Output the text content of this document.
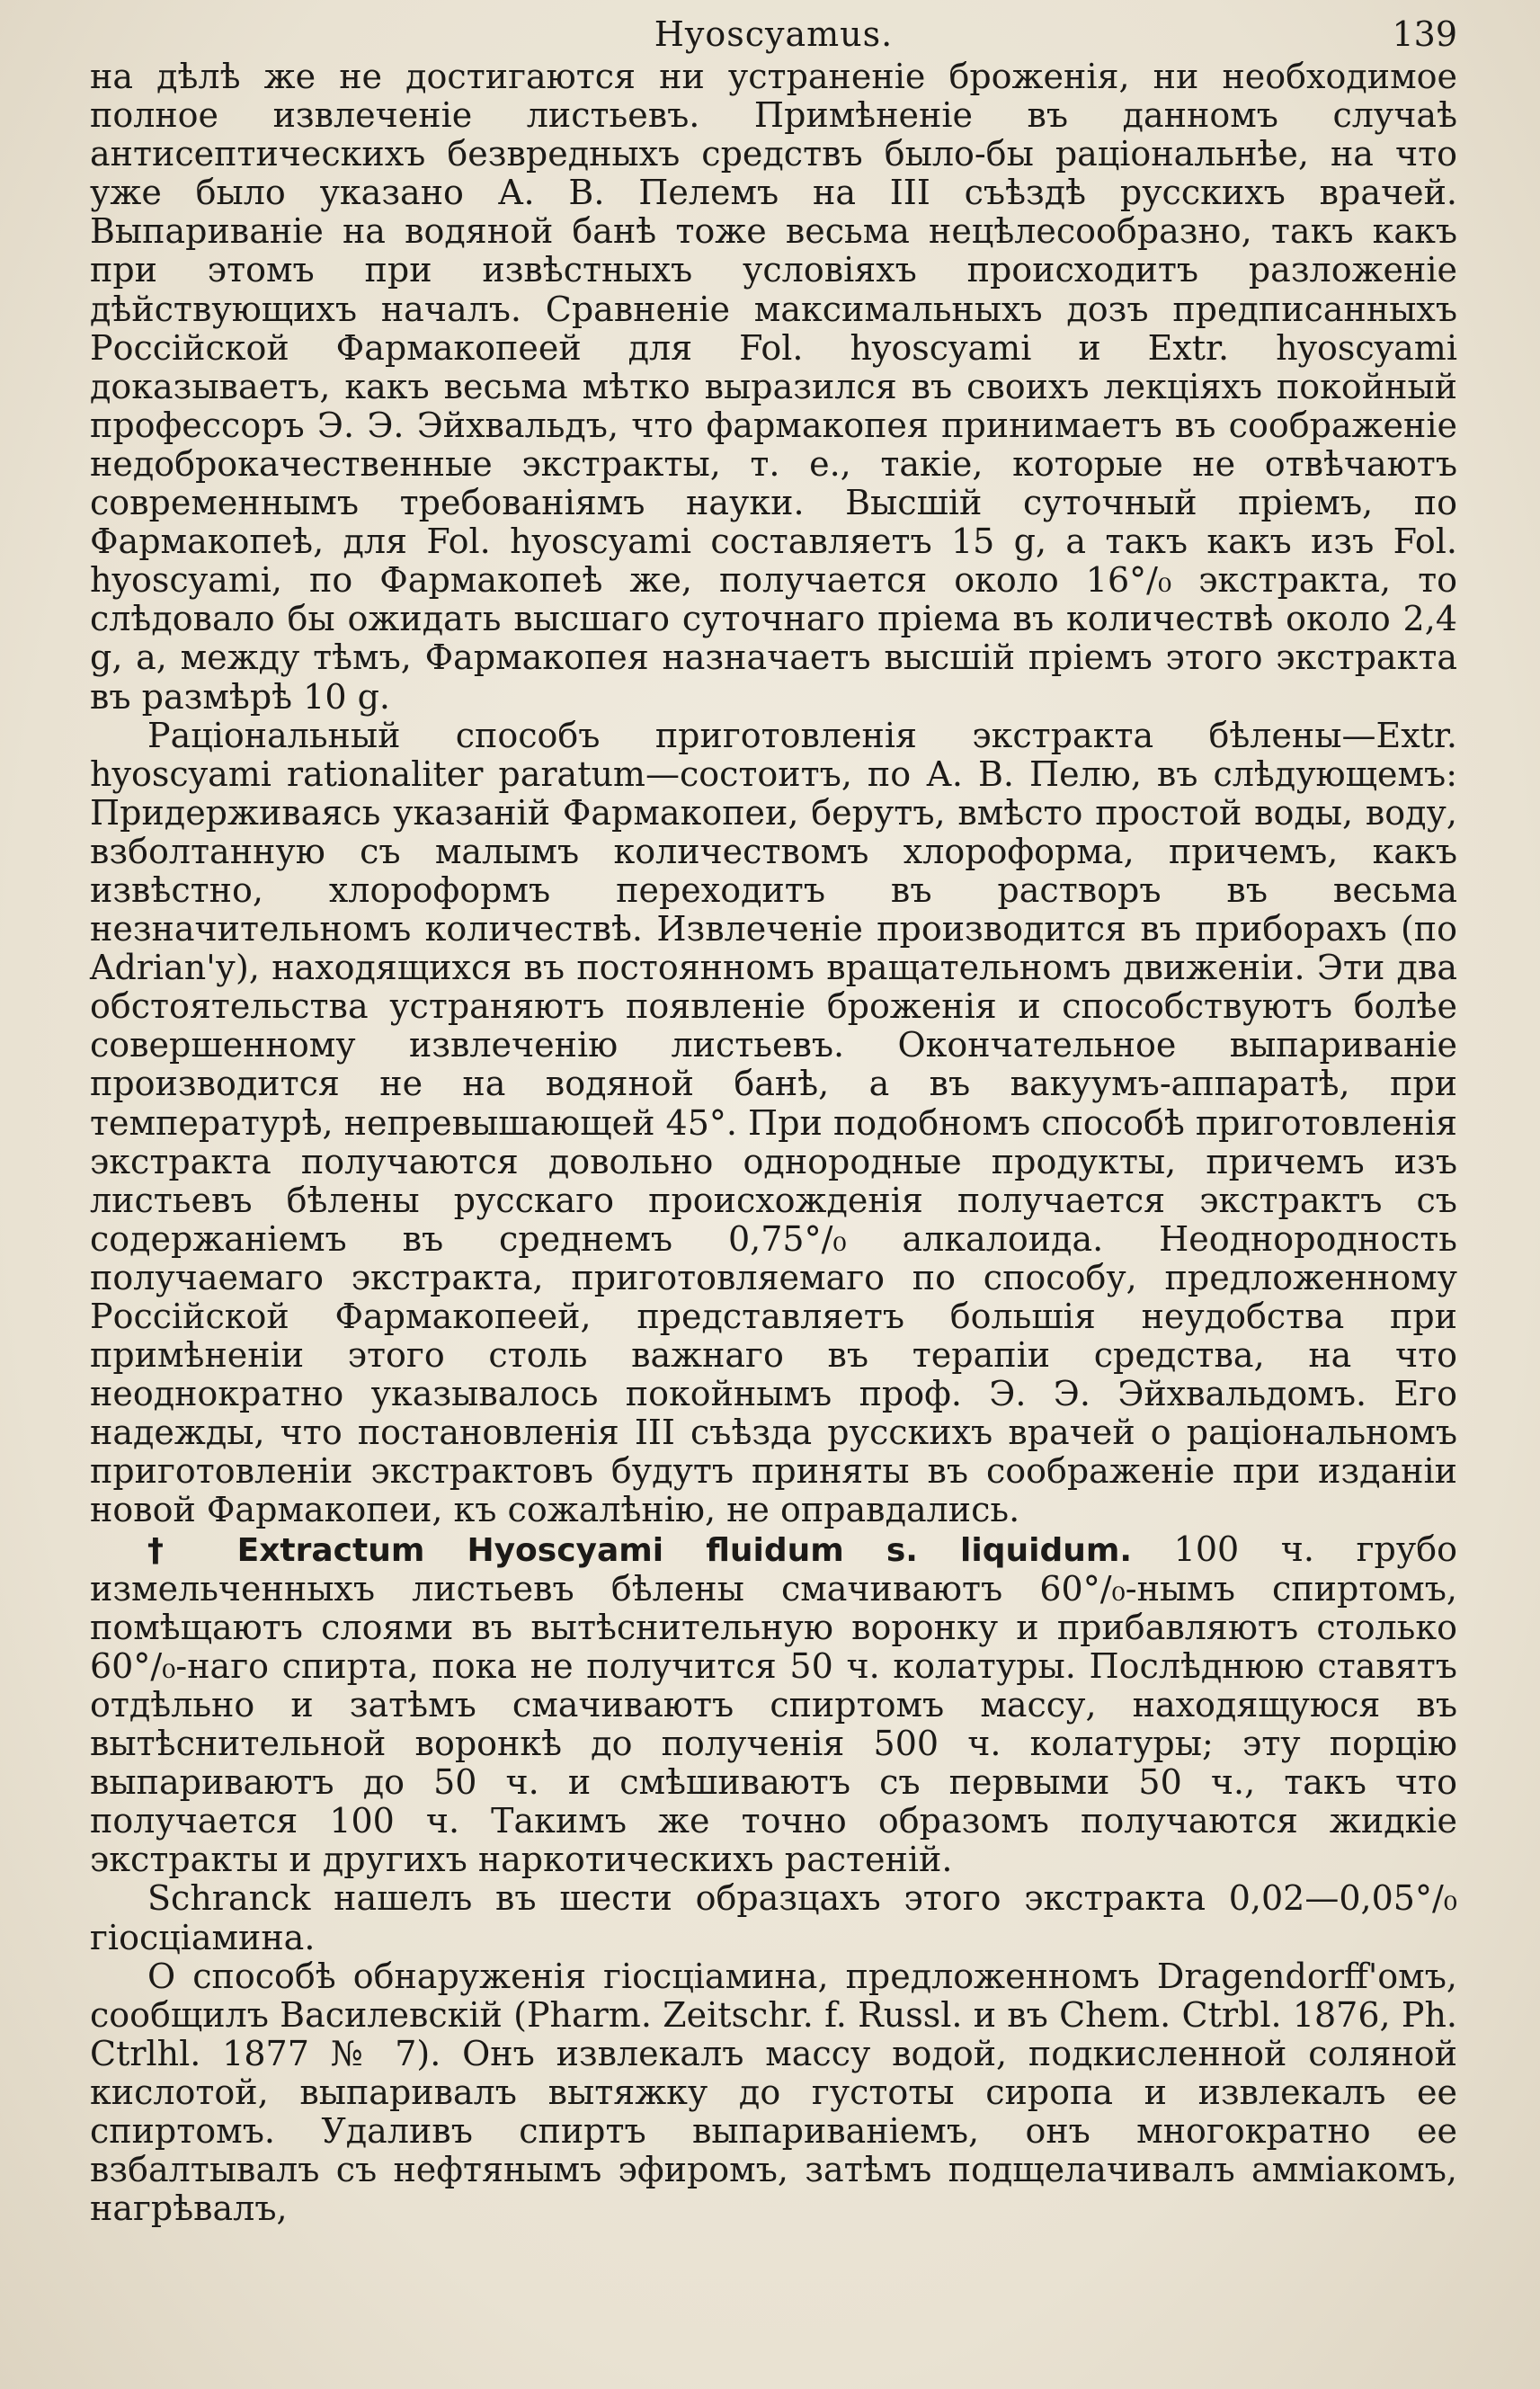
Hyoscyamus.	139

на дѣлѣ же не достигаются ни устраненіе броженія, ни необходимое полное извлеченіе листьевъ. Примѣненіе въ данномъ случаѣ антисептическихъ безвредныхъ средствъ было-бы раціональнѣе, на что уже было указано А. В. Пелемъ на III съѣздѣ русскихъ врачей. Выпариваніе на водяной банѣ тоже весьма нецѣлесообразно, такъ какъ при этомъ при извѣстныхъ условіяхъ происходитъ разложеніе дѣйствующихъ началъ. Сравненіе максимальныхъ дозъ предписанныхъ Россійской Фармакопеей для Fol. hyoscyami и Extr. hyoscyami доказываетъ, какъ весьма мѣтко выразился въ своихъ лекціяхъ покойный профессоръ Э. Э. Эйхвальдъ, что фармакопея принимаетъ въ соображеніе недоброкачественные экстракты, т. е., такіе, которые не отвѣчаютъ современнымъ требованіямъ науки. Высшій суточный пріемъ, по Фармакопеѣ, для Fol. hyoscyami составляетъ 15 g, а такъ какъ изъ Fol. hyoscyami, по Фармакопеѣ же, получается около 16°/₀ экстракта, то слѣдовало бы ожидать высшаго суточнаго пріема въ количествѣ около 2,4 g, а, между тѣмъ, Фармакопея назначаетъ высшій пріемъ этого экстракта въ размѣрѣ 10 g.

Раціональный способъ приготовленія экстракта бѣлены—Extr. hyoscyami rationaliter paratum—состоитъ, по А. В. Пелю, въ слѣдующемъ: Придерживаясь указаній Фармакопеи, берутъ, вмѣсто простой воды, воду, взболтанную съ малымъ количествомъ хлороформа, причемъ, какъ извѣстно, хлороформъ переходитъ въ растворъ въ весьма незначительномъ количествѣ. Извлеченіе производится въ приборахъ (по Adrian'у), находящихся въ постоянномъ вращательномъ движеніи. Эти два обстоятельства устраняютъ появленіе броженія и способствуютъ болѣе совершенному извлеченію листьевъ. Окончательное выпариваніе производится не на водяной банѣ, а въ вакуумъ-аппаратѣ, при температурѣ, непревышающей 45°. При подобномъ способѣ приготовленія экстракта получаются довольно однородные продукты, причемъ изъ листьевъ бѣлены русскаго происхожденія получается экстрактъ съ содержаніемъ въ среднемъ 0,75°/₀ алкалоида. Неоднородность получаемаго экстракта, приготовляемаго по способу, предложенному Россійской Фармакопеей, представляетъ большія неудобства при примѣненіи этого столь важнаго въ терапіи средства, на что неоднократно указывалось покойнымъ проф. Э. Э. Эйхвальдомъ. Его надежды, что постановленія III съѣзда русскихъ врачей о раціональномъ приготовленіи экстрактовъ будутъ приняты въ соображеніе при изданіи новой Фармакопеи, къ сожалѣнію, не оправдались.

† Extractum Hyoscyami fluidum s. liquidum. 100 ч. грубо измельченныхъ листьевъ бѣлены смачиваютъ 60°/₀-нымъ спиртомъ, помѣщаютъ слоями въ вытѣснительную воронку и прибавляютъ столько 60°/₀-наго спирта, пока не получится 50 ч. колатуры. Послѣднюю ставятъ отдѣльно и затѣмъ смачиваютъ спиртомъ массу, находящуюся въ вытѣснительной воронкѣ до полученія 500 ч. колатуры; эту порцію выпариваютъ до 50 ч. и смѣшиваютъ съ первыми 50 ч., такъ что получается 100 ч. Такимъ же точно образомъ получаются жидкіе экстракты и другихъ наркотическихъ растеній.

Schranck нашелъ въ шести образцахъ этого экстракта 0,02—0,05°/₀ гіосціамина.

О способѣ обнаруженія гіосціамина, предложенномъ Dragendorff'омъ, сообщилъ Василевскій (Pharm. Zeitschr. f. Russl. и въ Chem. Ctrbl. 1876, Ph. Ctrlhl. 1877 № 7). Онъ извлекалъ массу водой, подкисленной соляной кислотой, выпаривалъ вытяжку до густоты сиропа и извлекалъ ее спиртомъ. Удаливъ спиртъ выпариваніемъ, онъ многократно ее взбалтывалъ съ нефтянымъ эфиромъ, затѣмъ подщелачивалъ амміакомъ, нагрѣвалъ,
